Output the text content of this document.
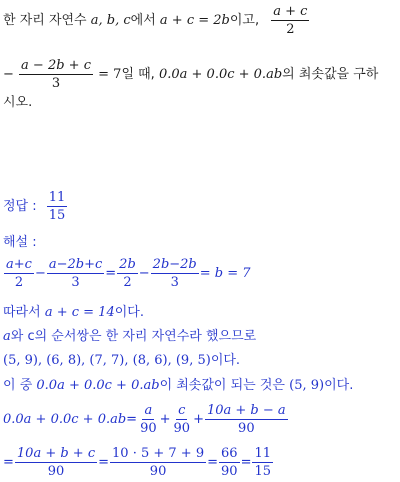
한 자리 자연수 a, b, c에서 a + c = 2b이고, $\frac{a + c}{2}$
− $\frac{a - 2b + c}{3} = 7$일 때, 0.0a + 0.0c + 0.ab의 최솟값을 구하
시오.
정답 : $\frac{11}{15}$
해설 :
$\frac{a+c}{2} - \frac{a-2b+c}{3} = \frac{2b}{2} - \frac{2b-2b}{3} = b = 7$
따라서 a + c = 14이다.
a와 c의 순서쌍은 한 자리 자연수라 했으므로
(5, 9), (6, 8), (7, 7), (8, 6), (9, 5)이다.
이 중 0.0a + 0.0c + 0.ab이 최솟값이 되는 것은 (5, 9)이다.
$0.0a + 0.0c + 0.ab= \frac{a}{90} + \frac{c}{90} + \frac{10a + b - a}{90}$
= $\frac{10a + b + c}{90} = \frac{10 \cdot 5 + 7 + 9}{90} = \frac{66}{90} = \frac{11}{15}$
